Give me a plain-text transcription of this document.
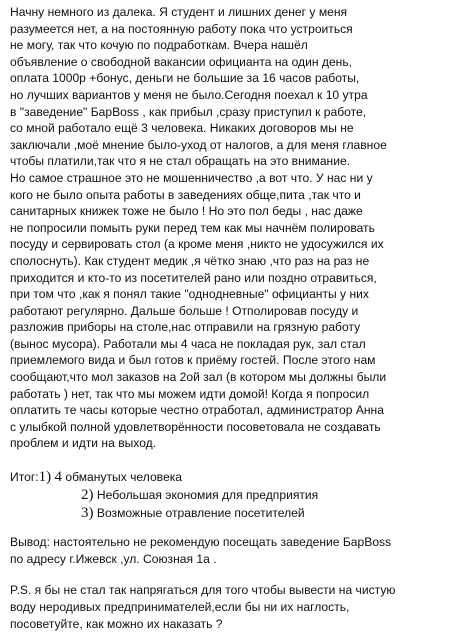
Начну немного из далека. Я студент и лишних денег у меня
разумеется нет, а на постоянную работу пока что устроиться
не могу, так что кочую по подработкам. Вчера нашёл
объявление о свободной вакансии официанта на один день,
оплата 1000р +бонус, деньги не большие за 16 часов работы,
но лучших вариантов у меня не было.Сегодня поехал к 10 утра
в "заведение" БарBoss , как прибыл ,сразу приступил к работе,
со мной работало ещё 3 человека. Никаких договоров мы не
заключали ,моё мнение было-уход от налогов, а для меня главное
чтобы платили,так что я не стал обращать на это внимание.
Но самое страшное это не мошенничество ,а вот что. У нас ни у
кого не было опыта работы в заведениях обще,пита ,так что и
санитарных книжек тоже не было ! Но это пол беды , нас даже
не попросили помыть руки перед тем как мы начнём полировать
посуду и сервировать стол (а кроме меня ,никто не удосужился их
сполоснуть). Как студент медик ,я чётко знаю ,что раз на раз не
приходится и кто-то из посетителей рано или поздно отравиться,
при том что ,как я понял такие "однодневные" официанты у них
работают регулярно. Дальше больше ! Отполировав посуду и
разложив приборы на столе,нас отправили на грязную работу
(вынос мусора). Работали мы 4 часа не покладая рук, зал стал
приемлемого вида и был готов к приёму гостей. После этого нам
сообщают,что мол заказов на 2ой зал (в котором мы должны были
работать ) нет, так что мы можем идти домой! Когда я попросил
оплатить те часы которые честно отработал, администратор Анна
с улыбкой полной удовлетворённости посоветовала не создавать
проблем и идти на выход.
Итог:1) 4 обманутых человека
2) Небольшая экономия для предприятия
3) Возможные отравление посетителей
Вывод: настоятельно не рекомендую посещать заведение БарBoss
по адресу г.Ижевск ,ул. Союзная 1а .
P.S. я бы не стал так напрягаться для того чтобы вывести на чистую
воду неродивых предпринимателей,если бы ни их наглость,
посоветуйте, как можно их наказать ?
